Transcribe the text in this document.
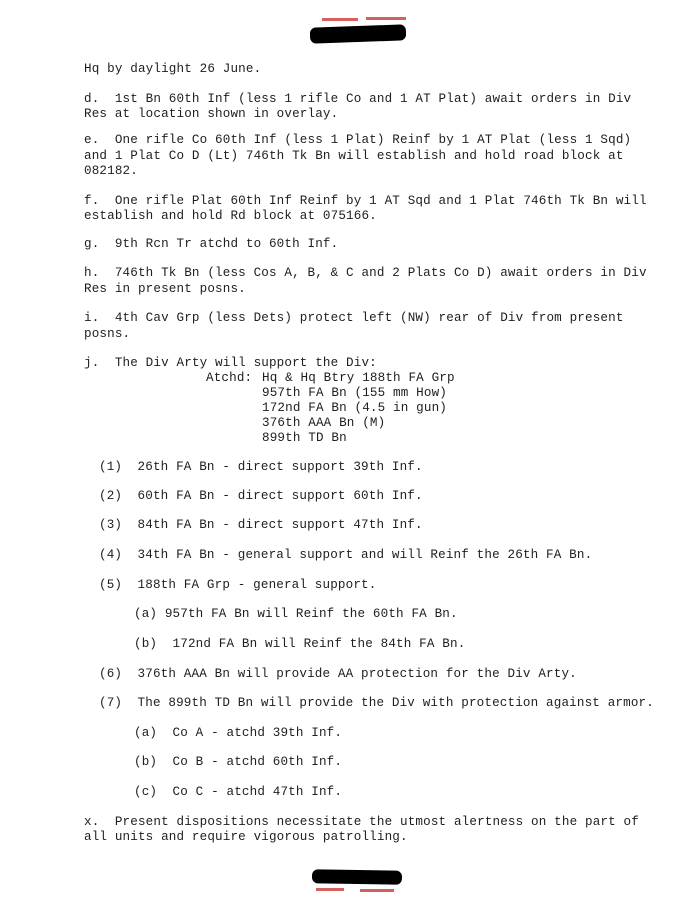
Hq by daylight 26 June.
d.  1st Bn 60th Inf (less 1 rifle Co and 1 AT Plat) await orders in Div
Res at location shown in overlay.
e.  One rifle Co 60th Inf (less 1 Plat) Reinf by 1 AT Plat (less 1 Sqd)
and 1 Plat Co D (Lt) 746th Tk Bn will establish and hold road block at
082182.
f.  One rifle Plat 60th Inf Reinf by 1 AT Sqd and 1 Plat 746th Tk Bn will
establish and hold Rd block at 075166.
g.  9th Rcn Tr atchd to 60th Inf.
h.  746th Tk Bn (less Cos A, B, & C and 2 Plats Co D) await orders in Div
Res in present posns.
i.  4th Cav Grp (less Dets) protect left (NW) rear of Div from present
posns.
j.  The Div Arty will support the Div:
Atchd: Hq & Hq Btry 188th FA Grp
957th FA Bn (155 mm How)
172nd FA Bn (4.5 in gun)
376th AAA Bn (M)
899th TD Bn
(1)  26th FA Bn - direct support 39th Inf.
(2)  60th FA Bn - direct support 60th Inf.
(3)  84th FA Bn - direct support 47th Inf.
(4)  34th FA Bn - general support and will Reinf the 26th FA Bn.
(5)  188th FA Grp - general support.
(a) 957th FA Bn will Reinf the 60th FA Bn.
(b)  172nd FA Bn will Reinf the 84th FA Bn.
(6)  376th AAA Bn will provide AA protection for the Div Arty.
(7)  The 899th TD Bn will provide the Div with protection against armor.
(a)  Co A - atchd 39th Inf.
(b)  Co B - atchd 60th Inf.
(c)  Co C - atchd 47th Inf.
x.  Present dispositions necessitate the utmost alertness on the part of
all units and require vigorous patrolling.
